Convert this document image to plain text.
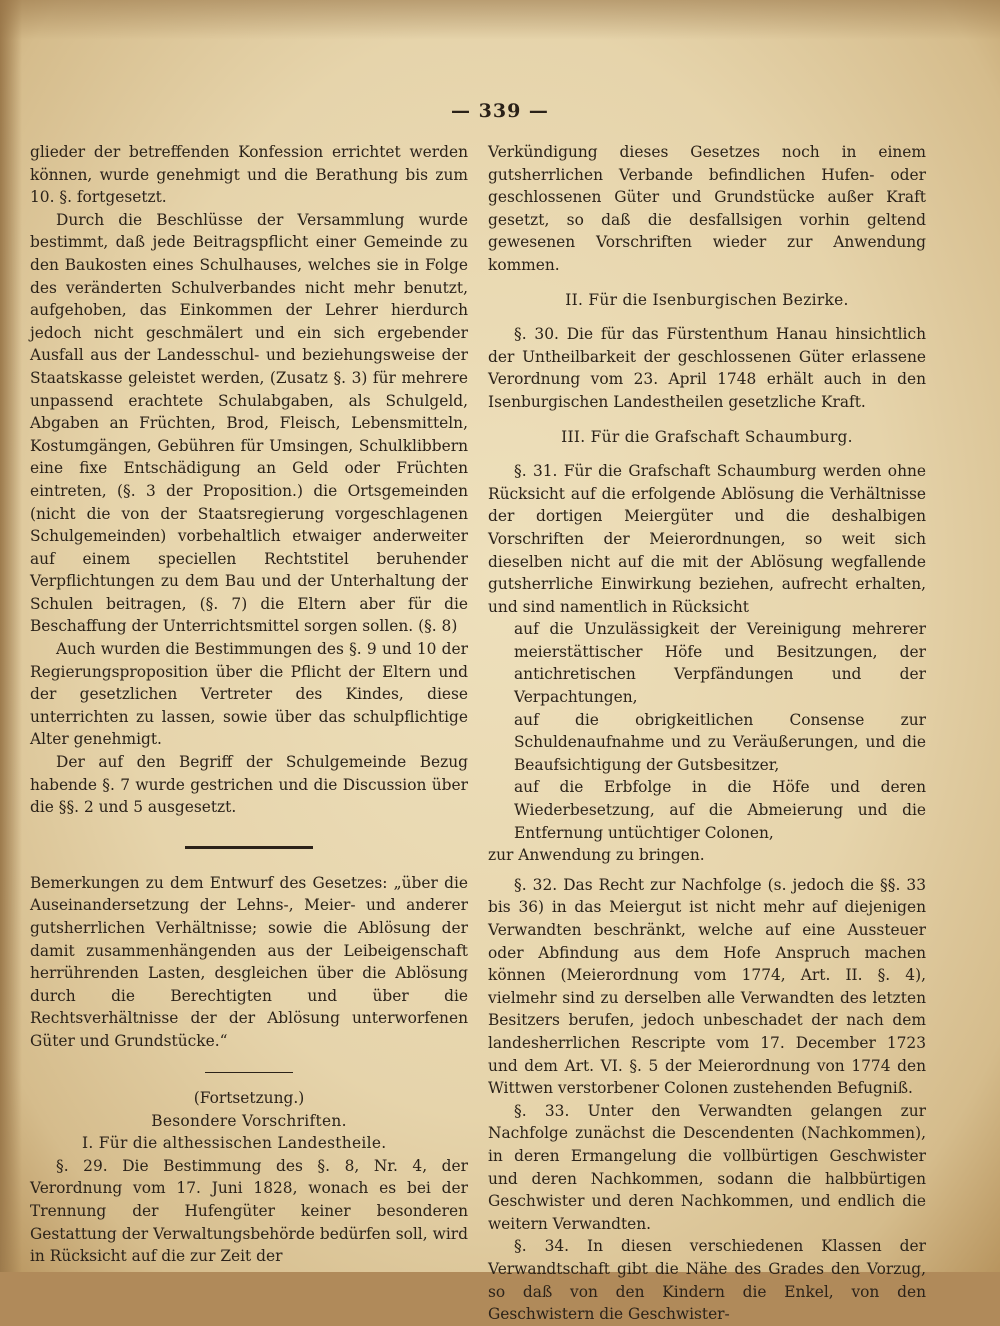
— 339 —

glieder der betreffenden Konfession errichtet werden können, wurde genehmigt und die Berathung bis zum 10. §. fortgesetzt.

Durch die Beschlüsse der Versammlung wurde bestimmt, daß jede Beitragspflicht einer Gemeinde zu den Baukosten eines Schulhauses, welches sie in Folge des veränderten Schulverbandes nicht mehr benutzt, aufgehoben, das Einkommen der Lehrer hierdurch jedoch nicht geschmälert und ein sich ergebender Ausfall aus der Landesschul- und beziehungsweise der Staatskasse geleistet werden, (Zusatz §. 3) für mehrere unpassend erachtete Schulabgaben, als Schulgeld, Abgaben an Früchten, Brod, Fleisch, Lebensmitteln, Kostumgängen, Gebühren für Umsingen, Schulklibbern eine fixe Entschädigung an Geld oder Früchten eintreten, (§. 3 der Proposition.) die Ortsgemeinden (nicht die von der Staatsregierung vorgeschlagenen Schulgemeinden) vorbehaltlich etwaiger anderweiter auf einem speciellen Rechtstitel beruhender Verpflichtungen zu dem Bau und der Unterhaltung der Schulen beitragen, (§. 7) die Eltern aber für die Beschaffung der Unterrichtsmittel sorgen sollen. (§. 8)

Auch wurden die Bestimmungen des §. 9 und 10 der Regierungsproposition über die Pflicht der Eltern und der gesetzlichen Vertreter des Kindes, diese unterrichten zu lassen, sowie über das schulpflichtige Alter genehmigt.

Der auf den Begriff der Schulgemeinde Bezug habende §. 7 wurde gestrichen und die Discussion über die §§. 2 und 5 ausgesetzt.

Bemerkungen zu dem Entwurf des Gesetzes: „über die Auseinandersetzung der Lehns-, Meier- und anderer gutsherrlichen Verhältnisse; sowie die Ablösung der damit zusammenhängenden aus der Leibeigenschaft herrührenden Lasten, desgleichen über die Ablösung durch die Berechtigten und über die Rechtsverhältnisse der der Ablösung unterworfenen Güter und Grundstücke.“

(Fortsetzung.)

Besondere Vorschriften.

I. Für die althessischen Landestheile.

§. 29. Die Bestimmung des §. 8, Nr. 4, der Verordnung vom 17. Juni 1828, wonach es bei der Trennung der Hufengüter keiner besonderen Gestattung der Verwaltungsbehörde bedürfen soll, wird in Rücksicht auf die zur Zeit der

Verkündigung dieses Gesetzes noch in einem gutsherrlichen Verbande befindlichen Hufen- oder geschlossenen Güter und Grundstücke außer Kraft gesetzt, so daß die desfallsigen vorhin geltend gewesenen Vorschriften wieder zur Anwendung kommen.

II. Für die Isenburgischen Bezirke.

§. 30. Die für das Fürstenthum Hanau hinsichtlich der Untheilbarkeit der geschlossenen Güter erlassene Verordnung vom 23. April 1748 erhält auch in den Isenburgischen Landestheilen gesetzliche Kraft.

III. Für die Grafschaft Schaumburg.

§. 31. Für die Grafschaft Schaumburg werden ohne Rücksicht auf die erfolgende Ablösung die Verhältnisse der dortigen Meiergüter und die deshalbigen Vorschriften der Meierordnungen, so weit sich dieselben nicht auf die mit der Ablösung wegfallende gutsherrliche Einwirkung beziehen, aufrecht erhalten, und sind namentlich in Rücksicht

auf die Unzulässigkeit der Vereinigung mehrerer meierstättischer Höfe und Besitzungen, der antichretischen Verpfändungen und der Verpachtungen,

auf die obrigkeitlichen Consense zur Schuldenaufnahme und zu Veräußerungen, und die Beaufsichtigung der Gutsbesitzer,

auf die Erbfolge in die Höfe und deren Wiederbesetzung, auf die Abmeierung und die Entfernung untüchtiger Colonen,

zur Anwendung zu bringen.

§. 32. Das Recht zur Nachfolge (s. jedoch die §§. 33 bis 36) in das Meiergut ist nicht mehr auf diejenigen Verwandten beschränkt, welche auf eine Aussteuer oder Abfindung aus dem Hofe Anspruch machen können (Meierordnung vom 1774, Art. II. §. 4), vielmehr sind zu derselben alle Verwandten des letzten Besitzers berufen, jedoch unbeschadet der nach dem landesherrlichen Rescripte vom 17. December 1723 und dem Art. VI. §. 5 der Meierordnung von 1774 den Wittwen verstorbener Colonen zustehenden Befugniß.

§. 33. Unter den Verwandten gelangen zur Nachfolge zunächst die Descendenten (Nachkommen), in deren Ermangelung die vollbürtigen Geschwister und deren Nachkommen, sodann die halbbürtigen Geschwister und deren Nachkommen, und endlich die weitern Verwandten.

§. 34. In diesen verschiedenen Klassen der Verwandtschaft gibt die Nähe des Grades den Vorzug, so daß von den Kindern die Enkel, von den Geschwistern die Geschwister-
